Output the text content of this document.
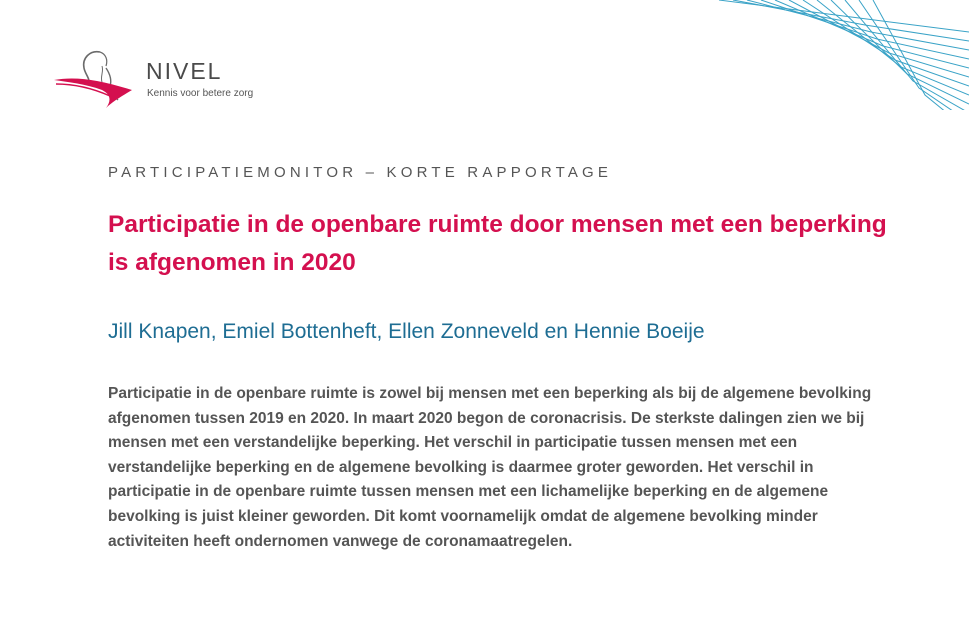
NIVEL
Kennis voor betere zorg
PARTICIPATIEMONITOR – KORTE RAPPORTAGE
Participatie in de openbare ruimte door mensen met een beperking is afgenomen in 2020

Jill Knapen, Emiel Bottenheft, Ellen Zonneveld en Hennie Boeije

Participatie in de openbare ruimte is zowel bij mensen met een beperking als bij de algemene bevolking afgenomen tussen 2019 en 2020. In maart 2020 begon de coronacrisis. De sterkste dalingen zien we bij mensen met een verstandelijke beperking. Het verschil in participatie tussen mensen met een verstandelijke beperking en de algemene bevolking is daarmee groter geworden. Het verschil in participatie in de openbare ruimte tussen mensen met een lichamelijke beperking en de algemene bevolking is juist kleiner geworden. Dit komt voornamelijk omdat de algemene bevolking minder activiteiten heeft ondernomen vanwege de coronamaatregelen.
